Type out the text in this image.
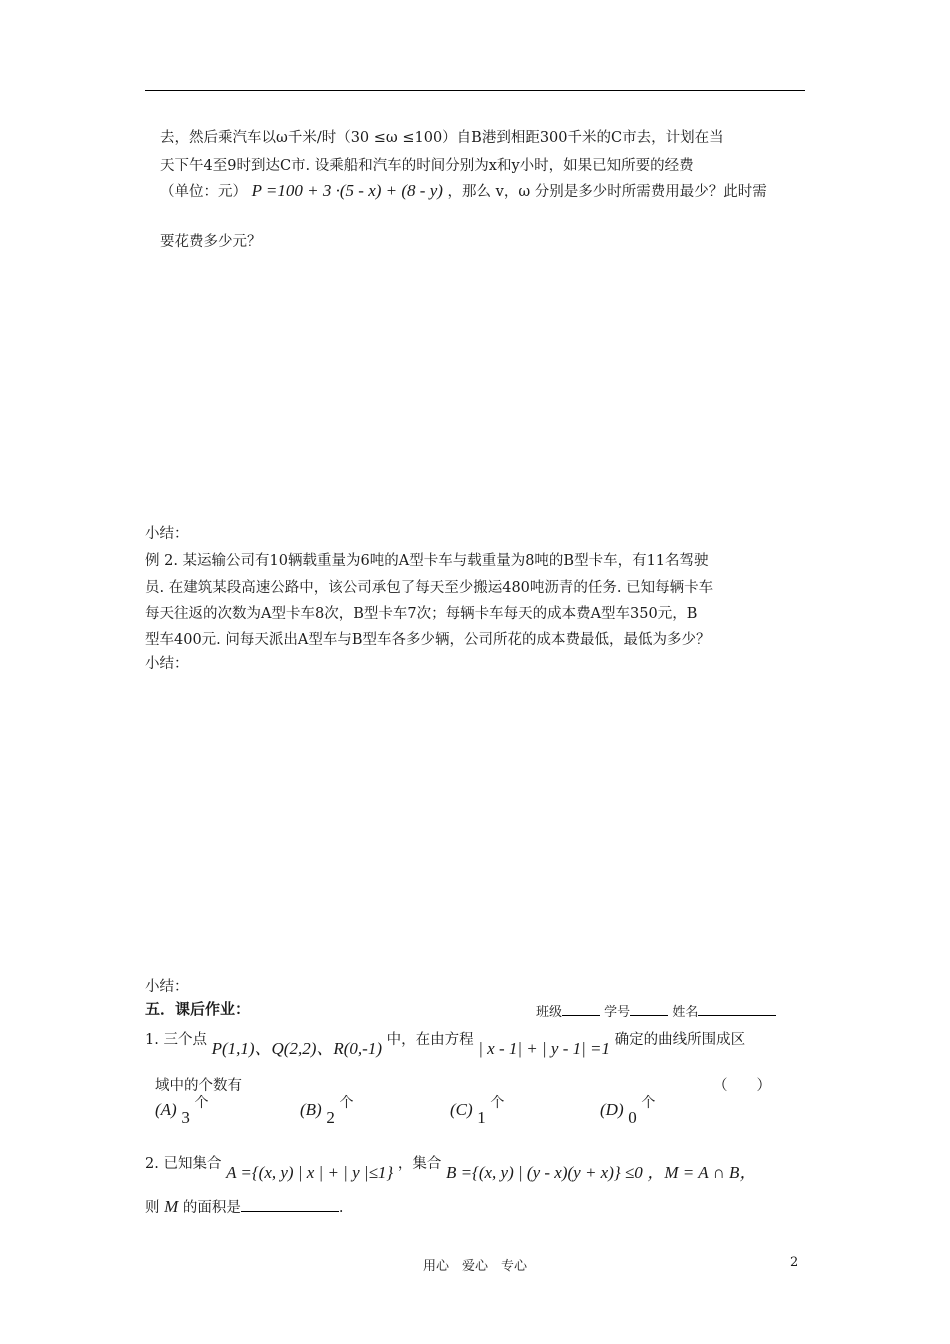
去，然后乘汽车以ω千米/时（30 ≤ω ≤100）自B港到相距300千米的C市去，计划在当
天下午4至9时到达C市. 设乘船和汽车的时间分别为x和y小时，如果已知所要的经费
（单位：元） P =100 + 3 ·(5 - x) + (8 - y) ，那么 v，ω 分别是多少时所需费用最少？此时需
要花费多少元？
小结：
例 2. 某运输公司有10辆载重量为6吨的A型卡车与载重量为8吨的B型卡车，有11名驾驶
员. 在建筑某段高速公路中，该公司承包了每天至少搬运480吨沥青的任务. 已知每辆卡车
每天往返的次数为A型卡车8次，B型卡车7次；每辆卡车每天的成本费A型车350元，B
型车400元. 问每天派出A型车与B型车各多少辆，公司所花的成本费最低，最低为多少？
小结：
小结：
五．课后作业：	班级	学号	姓名
1. 三个点 P(1,1)、Q(2,2)、R(0,-1) 中，在由方程 | x - 1| + | y - 1| =1 确定的曲线所围成区
域中的个数有	（　　）
(A) 3 个	(B) 2 个	(C) 1 个	(D) 0 个
2. 已知集合 A ={(x, y) | x | + | y |≤1} ，集合 B ={(x, y) | (y - x)(y + x)} ≤0 ，M = A ∩ B，
则 M 的面积是	.
用心　爱心　专心	2
